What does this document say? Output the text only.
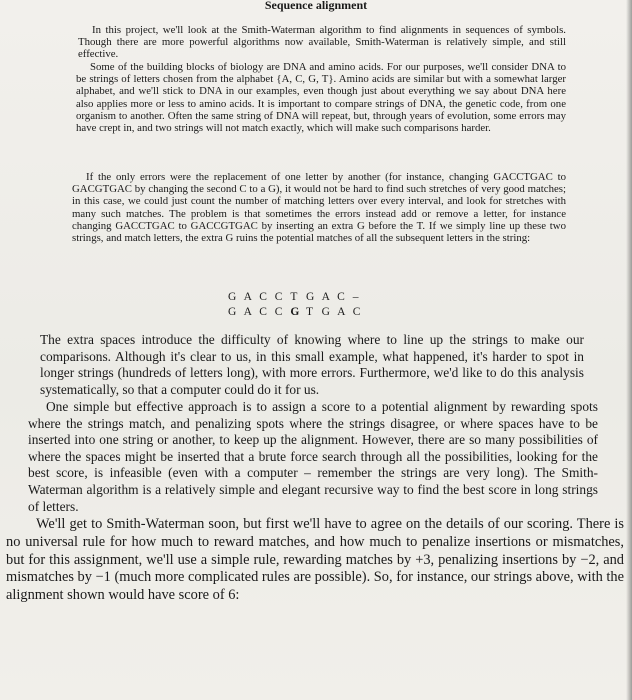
Sequence alignment

In this project, we'll look at the Smith-Waterman algorithm to find alignments in sequences of symbols. Though there are more powerful algorithms now available, Smith-Waterman is relatively simple, and still effective.

Some of the building blocks of biology are DNA and amino acids. For our purposes, we'll consider DNA to be strings of letters chosen from the alphabet {A, C, G, T}. Amino acids are similar but with a somewhat larger alphabet, and we'll stick to DNA in our examples, even though just about everything we say about DNA here also applies more or less to amino acids. It is important to compare strings of DNA, the genetic code, from one organism to another. Often the same string of DNA will repeat, but, through years of evolution, some errors may have crept in, and two strings will not match exactly, which will make such comparisons harder.

If the only errors were the replacement of one letter by another (for instance, changing GACCTGAC to GACGTGAC by changing the second C to a G), it would not be hard to find such stretches of very good matches; in this case, we could just count the number of matching letters over every interval, and look for stretches with many such matches. The problem is that sometimes the errors instead add or remove a letter, for instance changing GACCTGAC to GACCGTGAC by inserting an extra G before the T. If we simply line up these two strings, and match letters, the extra G ruins the potential matches of all the subsequent letters in the string:

G A C C T G A C –
G A C C G T G A C

The extra spaces introduce the difficulty of knowing where to line up the strings to make our comparisons. Although it's clear to us, in this small example, what happened, it's harder to spot in longer strings (hundreds of letters long), with more errors. Furthermore, we'd like to do this analysis systematically, so that a computer could do it for us.

One simple but effective approach is to assign a score to a potential alignment by rewarding spots where the strings match, and penalizing spots where the strings disagree, or where spaces have to be inserted into one string or another, to keep up the alignment. However, there are so many possibilities of where the spaces might be inserted that a brute force search through all the possibilities, looking for the best score, is infeasible (even with a computer – remember the strings are very long). The Smith-Waterman algorithm is a relatively simple and elegant recursive way to find the best score in long strings of letters.

We'll get to Smith-Waterman soon, but first we'll have to agree on the details of our scoring. There is no universal rule for how much to reward matches, and how much to penalize insertions or mismatches, but for this assignment, we'll use a simple rule, rewarding matches by +3, penalizing insertions by −2, and mismatches by −1 (much more complicated rules are possible). So, for instance, our strings above, with the alignment shown would have score of 6:
